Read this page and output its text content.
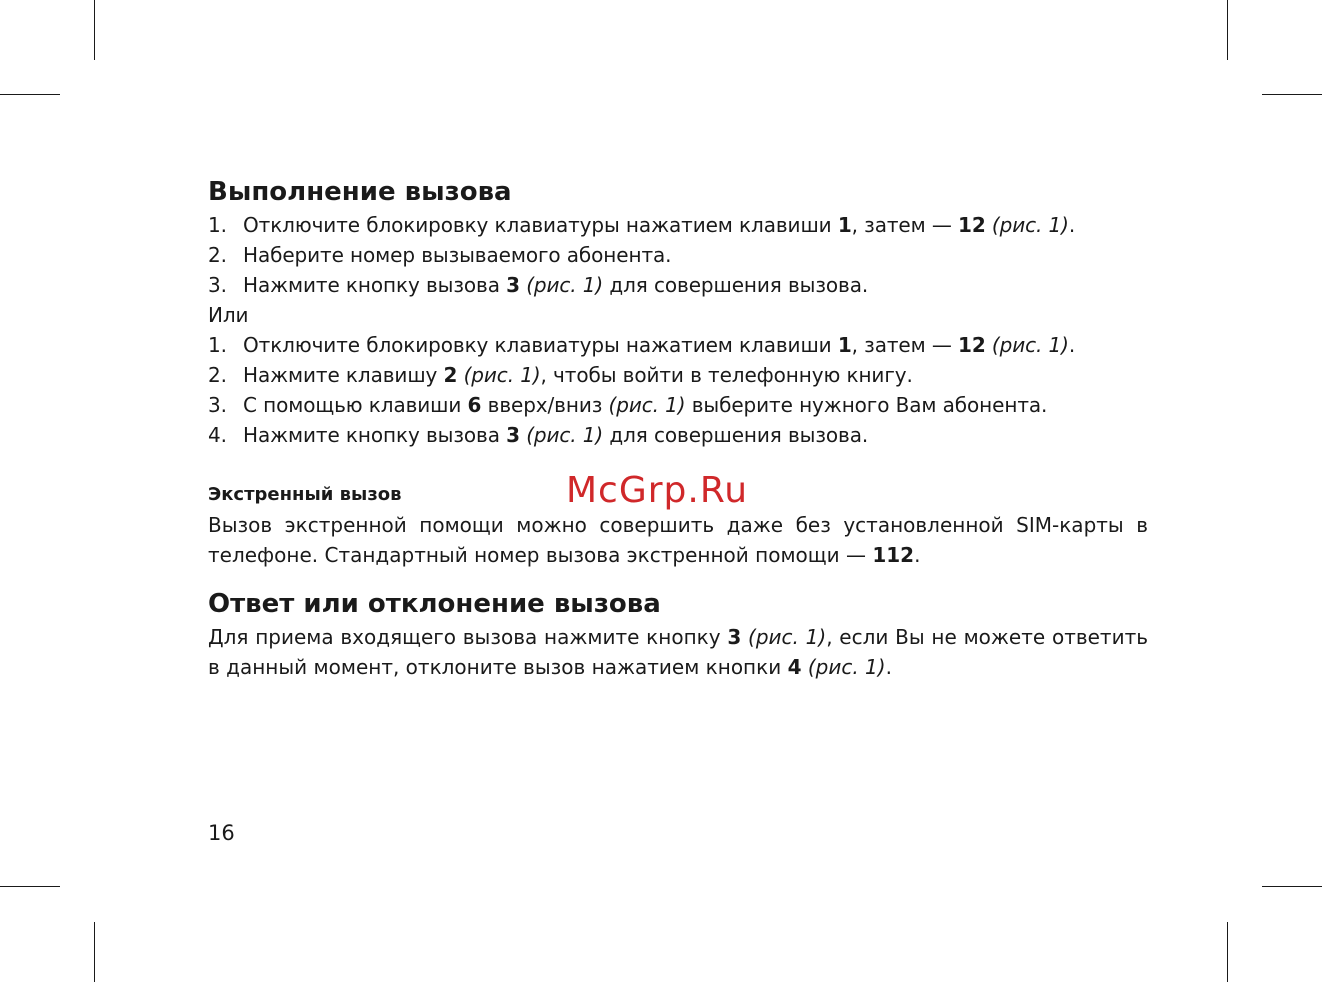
Выполнение вызова
1. Отключите блокировку клавиатуры нажатием клавиши 1, затем — 12 (рис. 1).
2. Наберите номер вызываемого абонента.
3. Нажмите кнопку вызова 3 (рис. 1) для совершения вызова.
Или
1. Отключите блокировку клавиатуры нажатием клавиши 1, затем — 12 (рис. 1).
2. Нажмите клавишу 2 (рис. 1), чтобы войти в телефонную книгу.
3. С помощью клавиши 6 вверх/вниз (рис. 1) выберите нужного Вам абонента.
4. Нажмите кнопку вызова 3 (рис. 1) для совершения вызова.
Экстренный вызов

Вызов экстренной помощи можно совершить даже без установленной SIM-карты в телефоне. Стандартный номер вызова экстренной помощи — 112.

Ответ или отклонение вызова

Для приема входящего вызова нажмите кнопку 3 (рис. 1), если Вы не можете ответить в данный момент, отклоните вызов нажатием кнопки 4 (рис. 1).

McGrp.Ru
16
